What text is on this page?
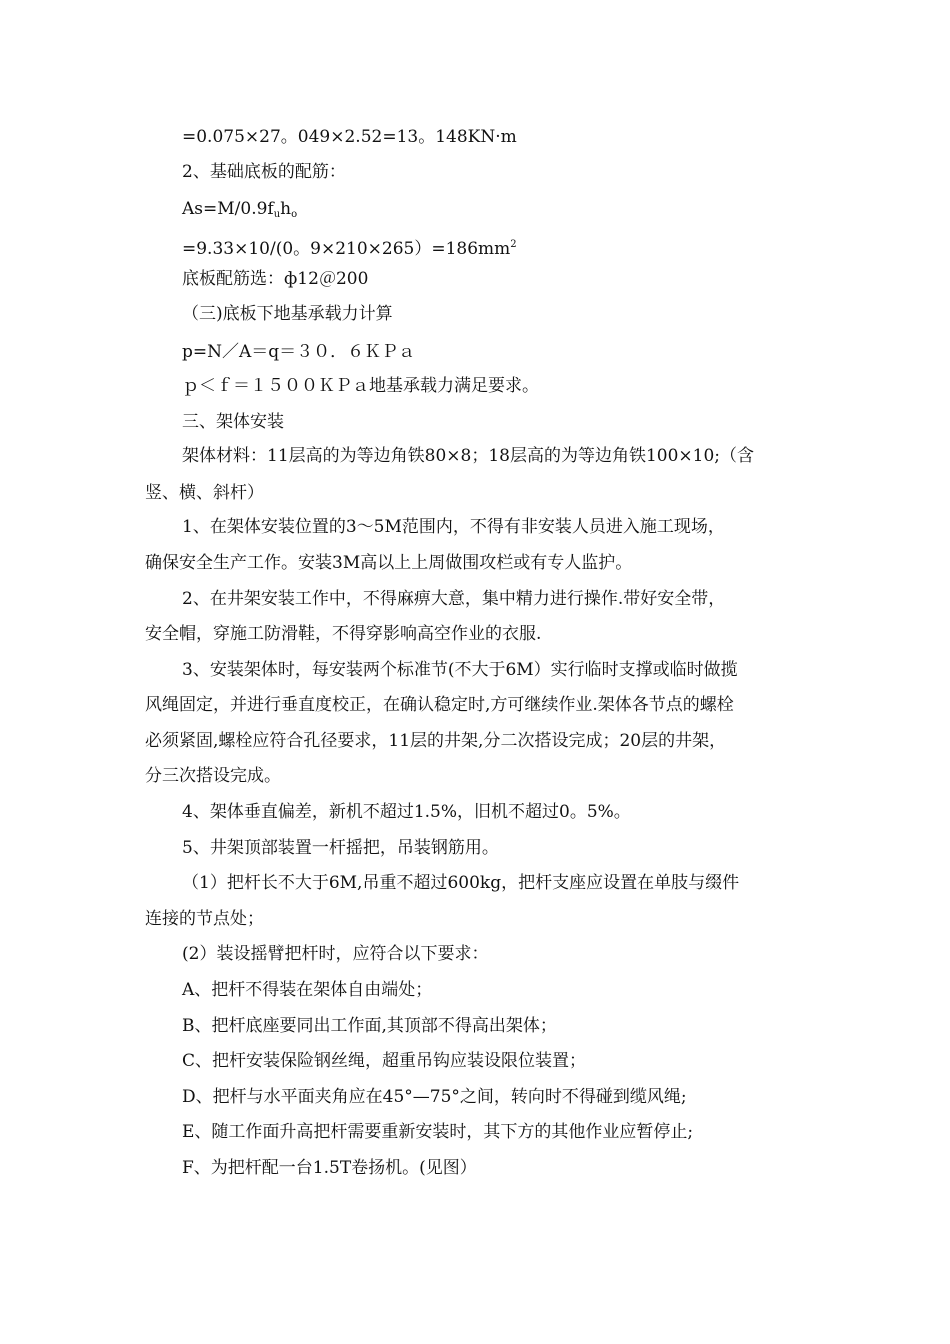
=0.075×27。049×2.52=13。148KN·m
2、基础底板的配筋：
$As=M/0.9f_uh_o$
=9.33×10/(0。$9\times 210\times 265)=186mm^2$
底板配筋选：ф12＠200
（三)底板下地基承载力计算
p=N／A＝q＝３０．６ＫＰａ
ｐ＜ｆ＝１５００ＫＰａ地基承载力满足要求。
三、架体安装
架体材料：11层高的为等边角铁80×8；18层高的为等边角铁100×10;（含
竖、横、斜杆）
1、在架体安装位置的3～5M范围内，不得有非安装人员进入施工现场，
确保安全生产工作。安装3M高以上上周做围攻栏或有专人监护。
2、在井架安装工作中，不得麻痹大意，集中精力进行操作.带好安全带，
安全帽，穿施工防滑鞋，不得穿影响高空作业的衣服.
3、安装架体时，每安装两个标准节(不大于6M）实行临时支撑或临时做揽
风绳固定，并进行垂直度校正，在确认稳定时,方可继续作业.架体各节点的螺栓
必须紧固,螺栓应符合孔径要求，11层的井架,分二次搭设完成；20层的井架，
分三次搭设完成。
4、架体垂直偏差，新机不超过1.5%，旧机不超过0。5%。
5、井架顶部装置一杆摇把，吊装钢筋用。
（1）把杆长不大于6M,吊重不超过600kg，把杆支座应设置在单肢与缀件
连接的节点处；
(2）装设摇臂把杆时，应符合以下要求：
A、把杆不得装在架体自由端处；
B、把杆底座要同出工作面,其顶部不得高出架体；
C、把杆安装保险钢丝绳，超重吊钩应装设限位装置；
D、把杆与水平面夹角应在45°—75°之间，转向时不得碰到缆风绳;
E、随工作面升高把杆需要重新安装时，其下方的其他作业应暂停止;
F、为把杆配一台1.5T卷扬机。(见图）
